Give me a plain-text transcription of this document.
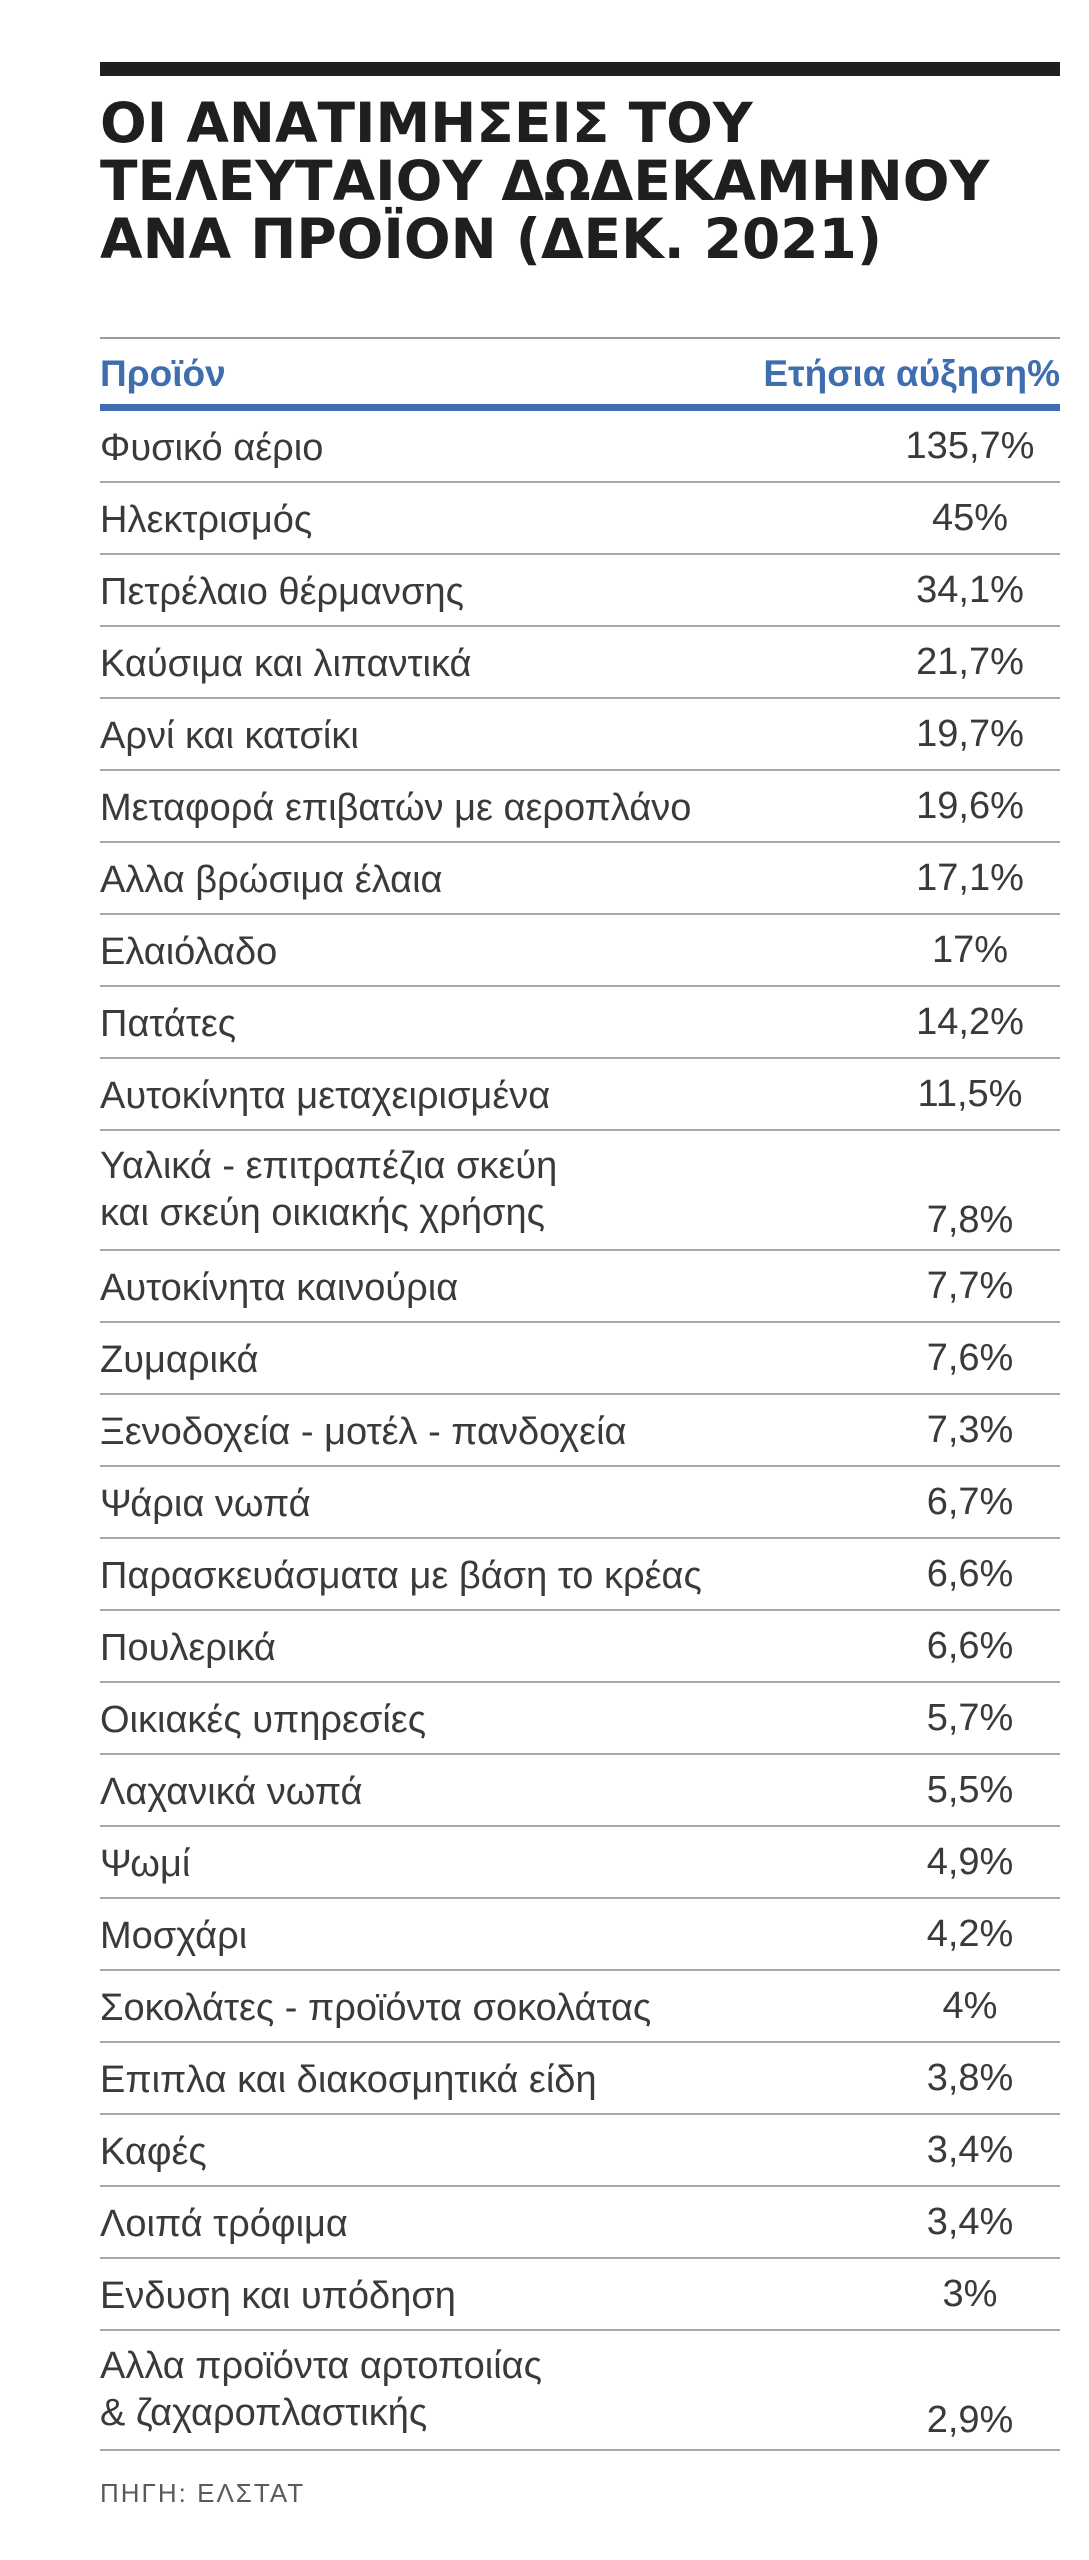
ΟΙ ΑΝΑΤΙΜΗΣΕΙΣ ΤΟΥ
ΤΕΛΕΥΤΑΙΟΥ ΔΩΔΕΚΑΜΗΝΟΥ
ΑΝΑ ΠΡΟΪΟΝ (ΔΕΚ. 2021)
Προϊόν	Ετήσια αύξηση%
Φυσικό αέριο	135,7%
Ηλεκτρισμός	45%
Πετρέλαιο θέρμανσης	34,1%
Καύσιμα και λιπαντικά	21,7%
Αρνί και κατσίκι	19,7%
Μεταφορά επιβατών με αεροπλάνο	19,6%
Αλλα βρώσιμα έλαια	17,1%
Ελαιόλαδο	17%
Πατάτες	14,2%
Αυτοκίνητα μεταχειρισμένα	11,5%
Υαλικά - επιτραπέζια σκεύη
και σκεύη οικιακής χρήσης	7,8%
Αυτοκίνητα καινούρια	7,7%
Ζυμαρικά	7,6%
Ξενοδοχεία - μοτέλ - πανδοχεία	7,3%
Ψάρια νωπά	6,7%
Παρασκευάσματα με βάση το κρέας	6,6%
Πουλερικά	6,6%
Οικιακές υπηρεσίες	5,7%
Λαχανικά νωπά	5,5%
Ψωμί	4,9%
Μοσχάρι	4,2%
Σοκολάτες - προϊόντα σοκολάτας	4%
Επιπλα και διακοσμητικά είδη	3,8%
Καφές	3,4%
Λοιπά τρόφιμα	3,4%
Ενδυση και υπόδηση	3%
Αλλα προϊόντα αρτοποιίας
& ζαχαροπλαστικής	2,9%
ΠΗΓΗ: ΕΛΣΤΑΤ
